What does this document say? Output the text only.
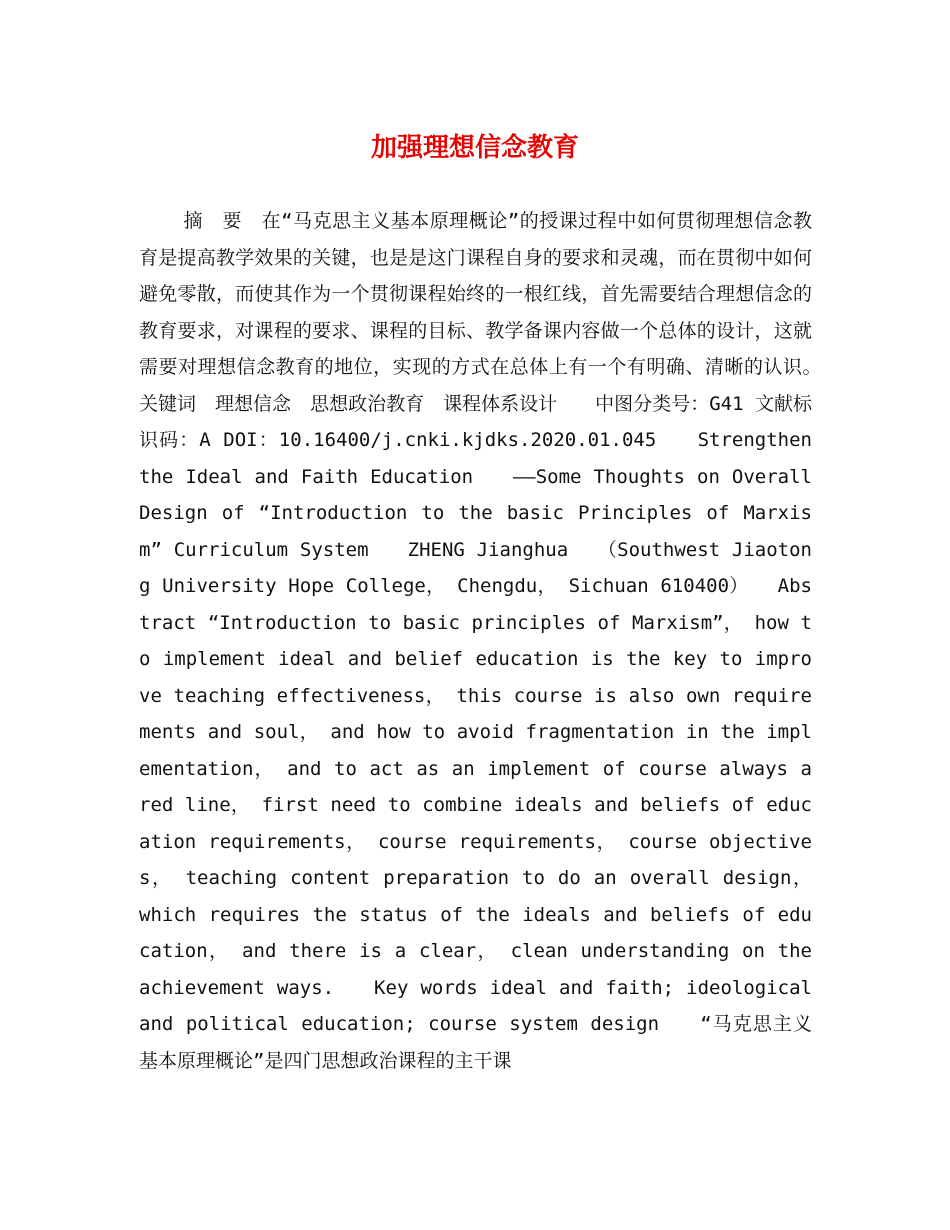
加强理想信念教育
摘　要　在“马克思主义基本原理概论”的授课过程中如何贯彻理想信念教育是提高教学效果的关键，也是是这门课程自身的要求和灵魂，而在贯彻中如何避免零散，而使其作为一个贯彻课程始终的一根红线，首先需要结合理想信念的教育要求，对课程的要求、课程的目标、教学备课内容做一个总体的设计，这就需要对理想信念教育的地位，实现的方式在总体上有一个有明确、清晰的认识。　　关键词　理想信念　思想政治教育　课程体系设计　　中图分类号：G41 文献标识码：A DOI：10.16400/j.cnki.kjdks.2020.01.045　　Strengthen the Ideal and Faith Education　　——Some Thoughts on Overall Design of “Introduction to the basic Principles of Marxism” Curriculum System　　ZHENG Jianghua　　（Southwest Jiaotong University Hope College， Chengdu， Sichuan 610400）　　Abstract “Introduction to basic principles of Marxism”， how to implement ideal and belief education is the key to improve teaching effectiveness， this course is also own requirements and soul， and how to avoid fragmentation in the implementation， and to act as an implement of course always a red line， first need to combine ideals and beliefs of education requirements， course requirements， course objectives， teaching content preparation to do an overall design， which requires the status of the ideals and beliefs of education， and there is a clear， clean understanding on the achievement ways.　　Key words ideal and faith; ideological and political education; course system design　　“马克思主义基本原理概论”是四门思想政治课程的主干课
